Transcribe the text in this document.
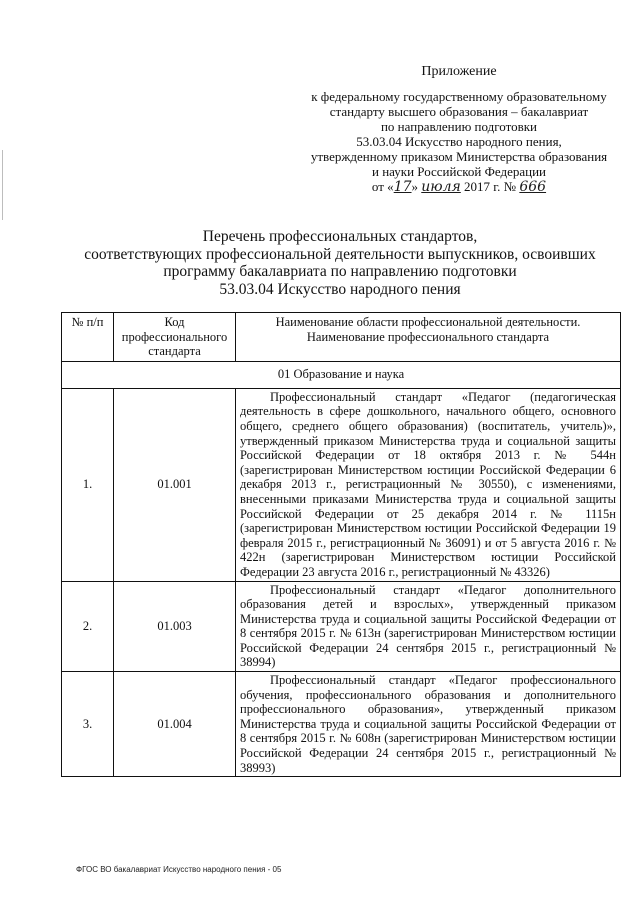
Приложение
к федеральному государственному образовательному
стандарту высшего образования – бакалавриат
по направлению подготовки
53.03.04 Искусство народного пения,
утвержденному приказом Министерства образования
и науки Российской Федерации
от «17» июля 2017 г. № 666
Перечень профессиональных стандартов,
соответствующих профессиональной деятельности выпускников, освоивших
программу бакалавриата по направлению подготовки
53.03.04 Искусство народного пения
№ п/п	Код профессионального стандарта	Наименование области профессиональной деятельности. Наименование профессионального стандарта

01 Образование и наука		
1.	01.001	Профессиональный стандарт «Педагог (педагогическая деятельность в сфере дошкольного, начального общего, основного общего, среднего общего образования) (воспитатель, учитель)», утвержденный приказом Министерства труда и социальной защиты Российской Федерации от 18 октября 2013 г. № 544н (зарегистрирован Министерством юстиции Российской Федерации 6 декабря 2013 г., регистрационный № 30550), с изменениями, внесенными приказами Министерства труда и социальной защиты Российской Федерации от 25 декабря 2014 г. № 1115н (зарегистрирован Министерством юстиции Российской Федерации 19 февраля 2015 г., регистрационный № 36091) и от 5 августа 2016 г. № 422н (зарегистрирован Министерством юстиции Российской Федерации 23 августа 2016 г., регистрационный № 43326)
2.	01.003	Профессиональный стандарт «Педагог дополнительного образования детей и взрослых», утвержденный приказом Министерства труда и социальной защиты Российской Федерации от 8 сентября 2015 г. № 613н (зарегистрирован Министерством юстиции Российской Федерации 24 сентября 2015 г., регистрационный № 38994)
3.	01.004	Профессиональный стандарт «Педагог профессионального обучения, профессионального образования и дополнительного профессионального образования», утвержденный приказом Министерства труда и социальной защиты Российской Федерации от 8 сентября 2015 г. № 608н (зарегистрирован Министерством юстиции Российской Федерации 24 сентября 2015 г., регистрационный № 38993)
ФГОС ВО бакалавриат Искусство народного пения - 05
